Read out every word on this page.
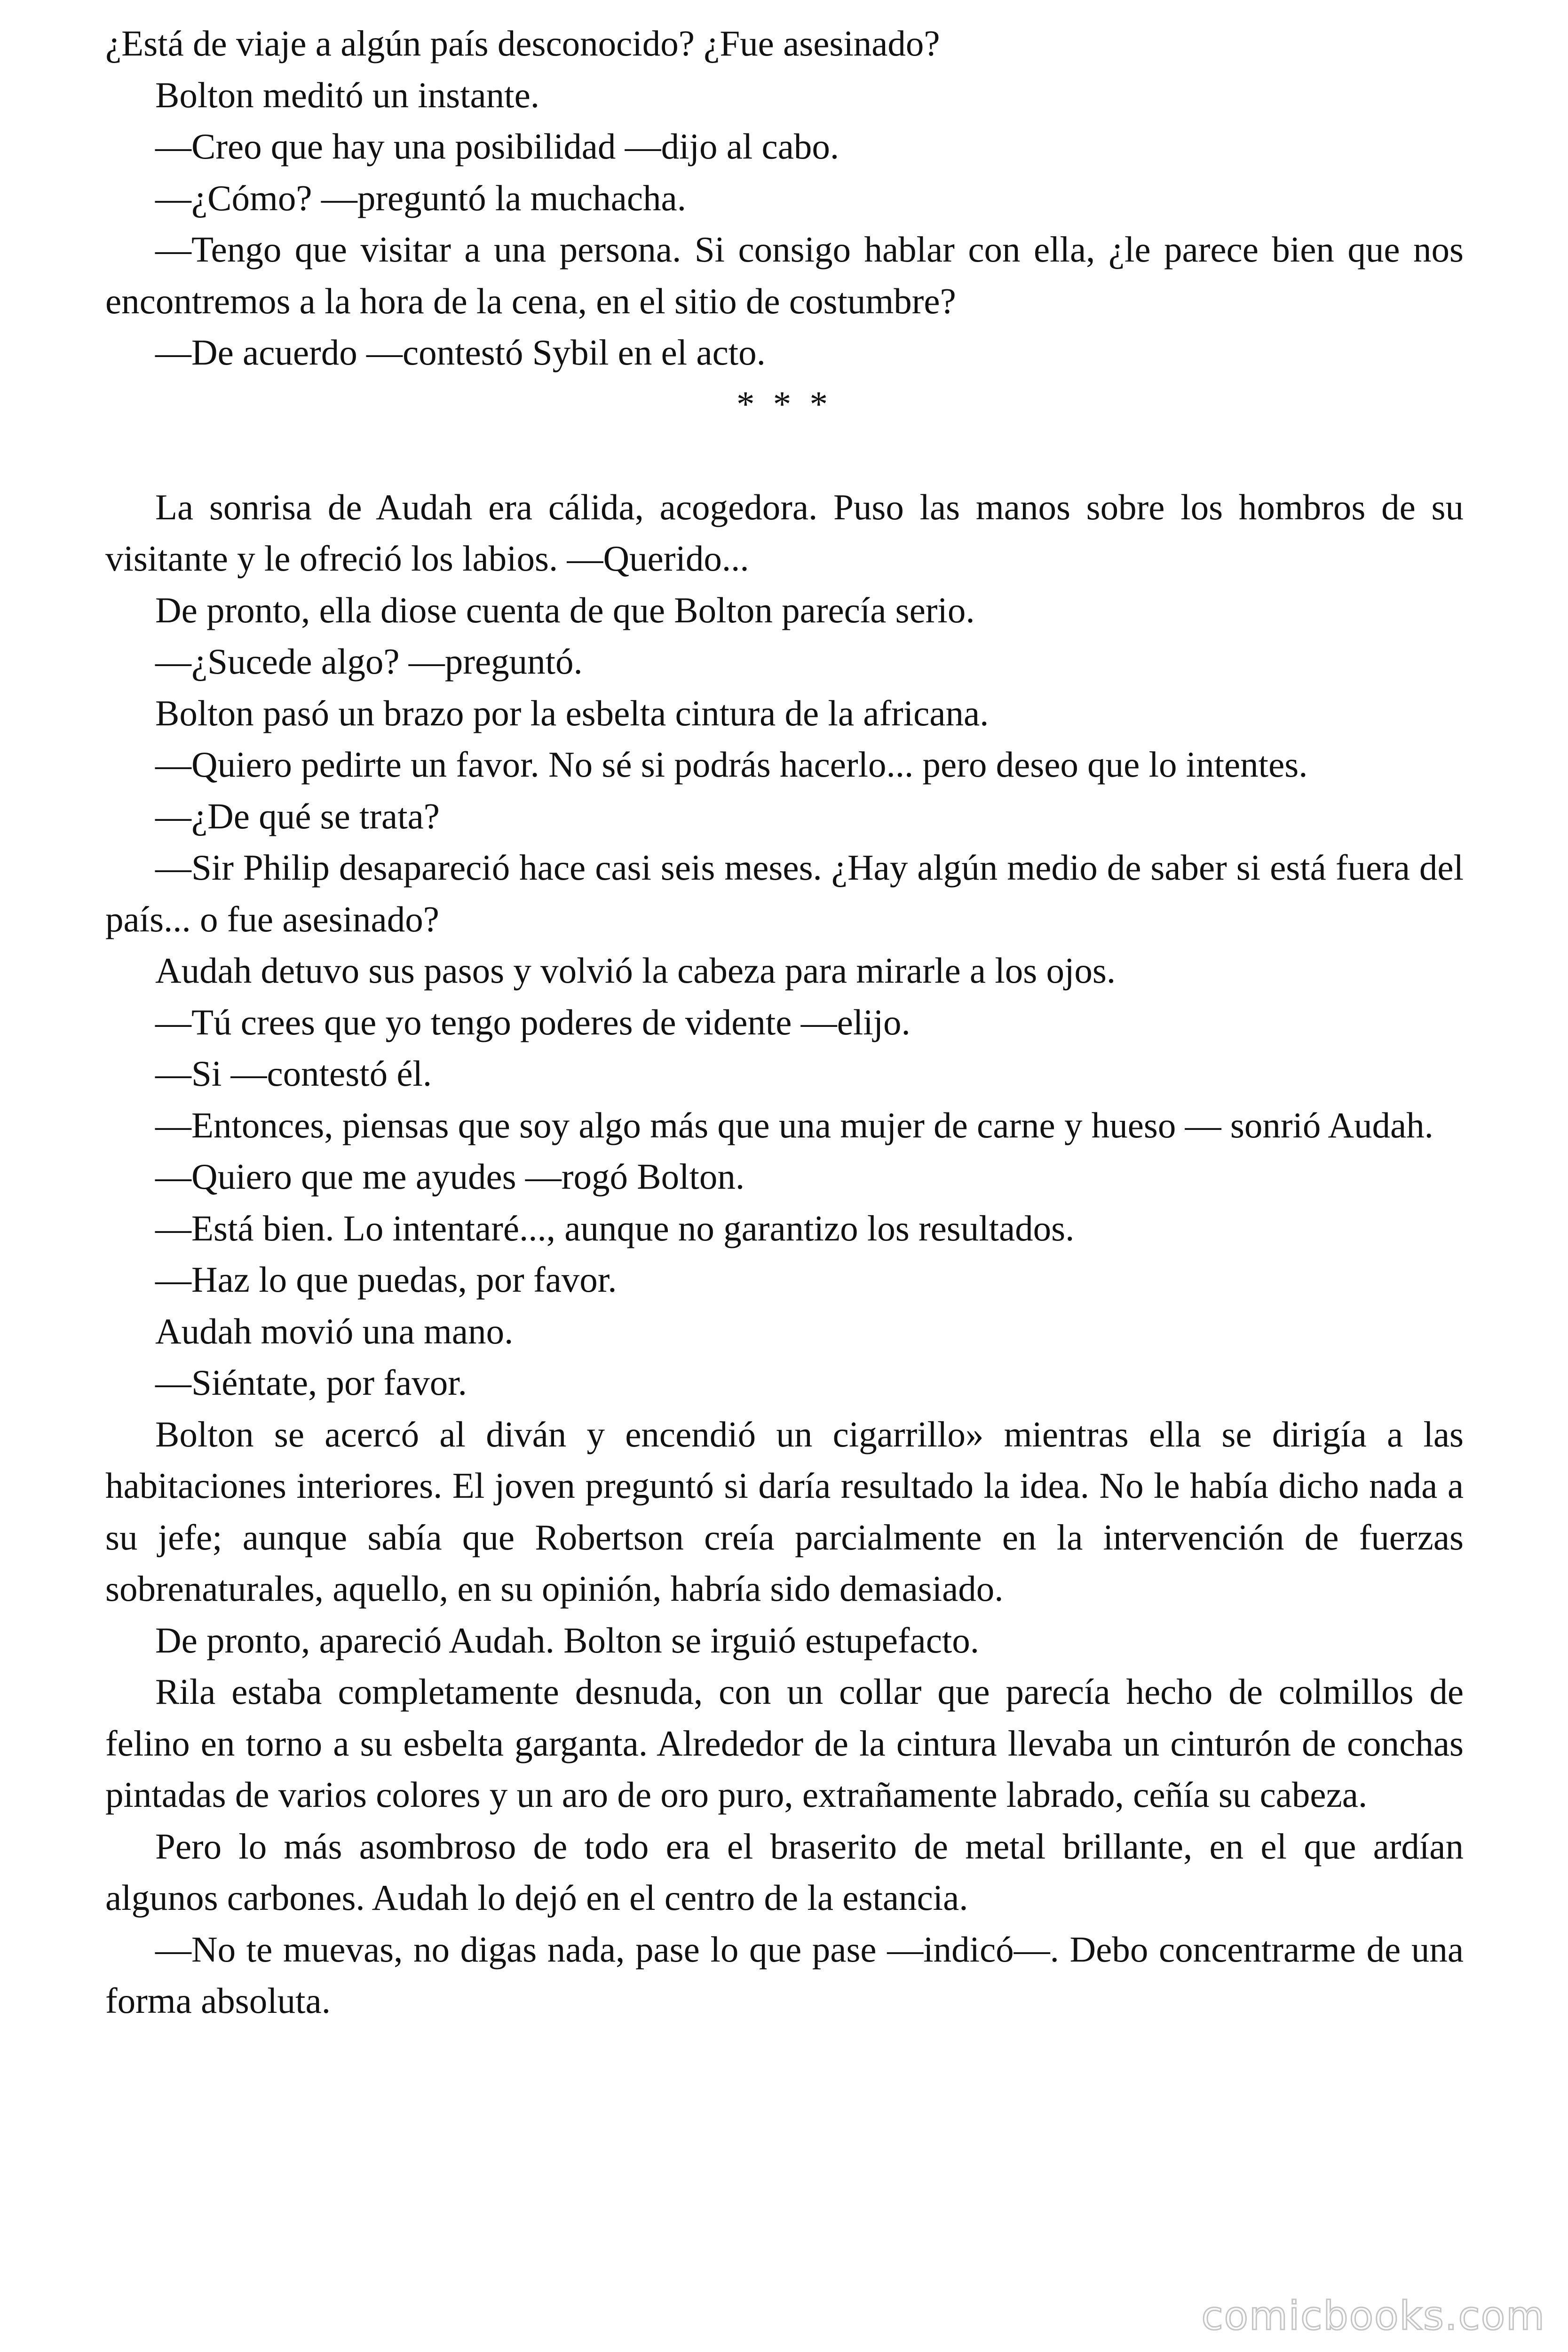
¿Está de viaje a algún país desconocido? ¿Fue asesinado?

Bolton meditó un instante.

—Creo que hay una posibilidad —dijo al cabo.

—¿Cómo? —preguntó la muchacha.

—Tengo que visitar a una persona. Si consigo hablar con ella, ¿le parece bien que nos encontremos a la hora de la cena, en el sitio de costumbre?

—De acuerdo —contestó Sybil en el acto.

* * *

La sonrisa de Audah era cálida, acogedora. Puso las manos sobre los hombros de su visitante y le ofreció los labios. —Querido...

De pronto, ella diose cuenta de que Bolton parecía serio.

—¿Sucede algo? —preguntó.

Bolton pasó un brazo por la esbelta cintura de la africana.

—Quiero pedirte un favor. No sé si podrás hacerlo... pero deseo que lo intentes.

—¿De qué se trata?

—Sir Philip desapareció hace casi seis meses. ¿Hay algún medio de saber si está fuera del país... o fue asesinado?

Audah detuvo sus pasos y volvió la cabeza para mirarle a los ojos.

—Tú crees que yo tengo poderes de vidente —elijo.

—Si —contestó él.

—Entonces, piensas que soy algo más que una mujer de carne y hueso — sonrió Audah.

—Quiero que me ayudes —rogó Bolton.

—Está bien. Lo intentaré..., aunque no garantizo los resultados.

—Haz lo que puedas, por favor.

Audah movió una mano.

—Siéntate, por favor.

Bolton se acercó al diván y encendió un cigarrillo» mientras ella se dirigía a las habitaciones interiores. El joven preguntó si daría resultado la idea. No le había dicho nada a su jefe; aunque sabía que Robertson creía parcialmente en la intervención de fuerzas sobrenaturales, aquello, en su opinión, habría sido demasiado.

De pronto, apareció Audah. Bolton se irguió estupefacto.

Rila estaba completamente desnuda, con un collar que parecía hecho de colmillos de felino en torno a su esbelta garganta. Alrededor de la cintura llevaba un cinturón de conchas pintadas de varios colores y un aro de oro puro, extrañamente labrado, ceñía su cabeza.

Pero lo más asombroso de todo era el braserito de metal brillante, en el que ardían algunos carbones. Audah lo dejó en el centro de la estancia.

—No te muevas, no digas nada, pase lo que pase —indicó—. Debo concentrarme de una forma absoluta.

comicbooks.com
